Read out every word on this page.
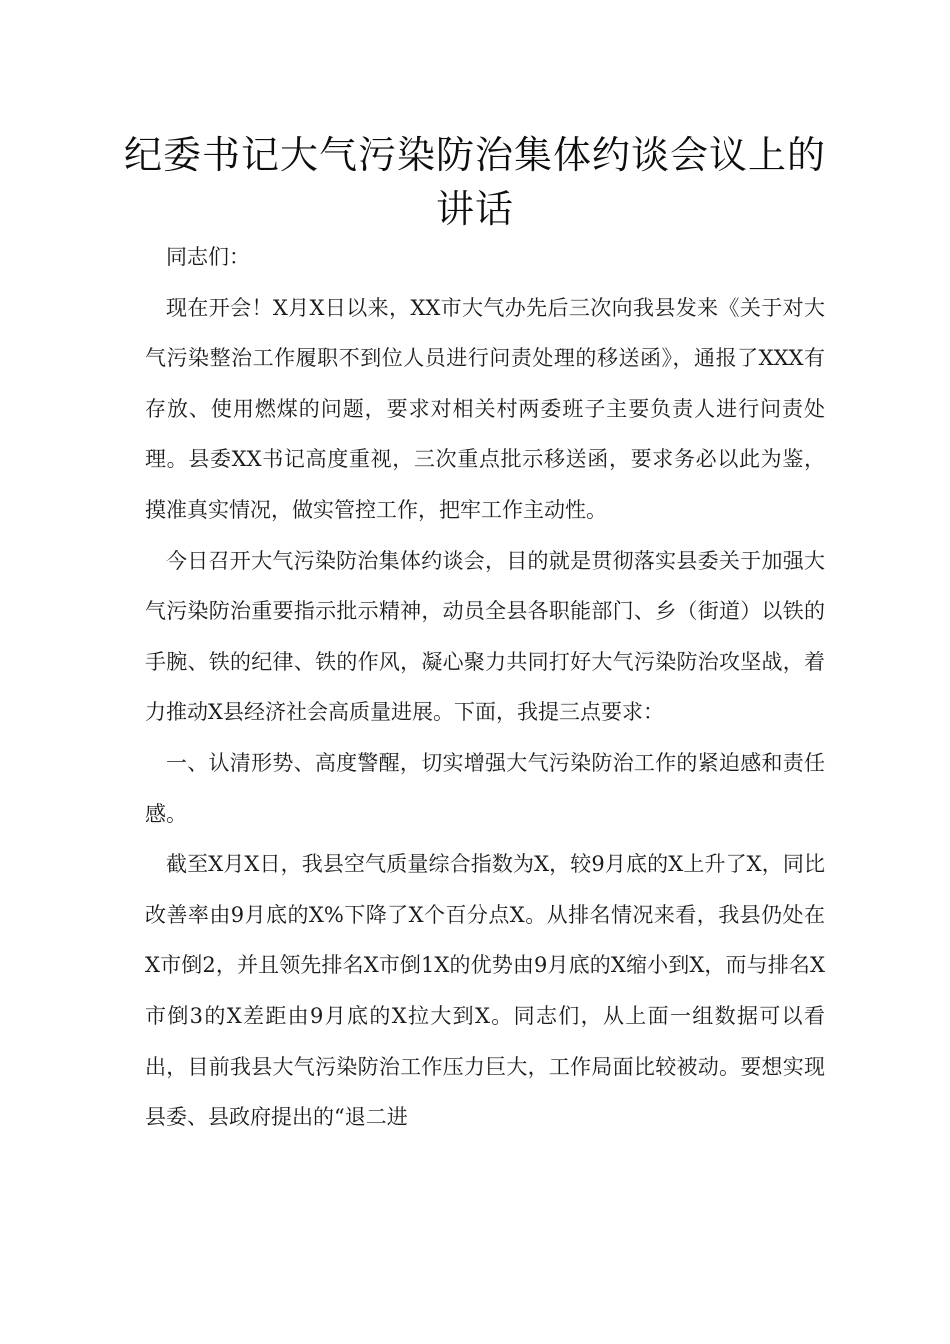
纪委书记大气污染防治集体约谈会议上的讲话

同志们：

现在开会！X月X日以来，XX市大气办先后三次向我县发来《关于对大气污染整治工作履职不到位人员进行问责处理的移送函》，通报了XXX有存放、使用燃煤的问题，要求对相关村两委班子主要负责人进行问责处理。县委XX书记高度重视，三次重点批示移送函，要求务必以此为鉴，摸准真实情况，做实管控工作，把牢工作主动性。

今日召开大气污染防治集体约谈会，目的就是贯彻落实县委关于加强大气污染防治重要指示批示精神，动员全县各职能部门、乡（街道）以铁的手腕、铁的纪律、铁的作风，凝心聚力共同打好大气污染防治攻坚战，着力推动X县经济社会高质量进展。下面，我提三点要求：

一、认清形势、高度警醒，切实增强大气污染防治工作的紧迫感和责任感。

截至X月X日，我县空气质量综合指数为X，较9月底的X上升了X，同比改善率由9月底的X%下降了X个百分点X。从排名情况来看，我县仍处在X市倒2，并且领先排名X市倒1X的优势由9月底的X缩小到X，而与排名X市倒3的X差距由9月底的X拉大到X。同志们，从上面一组数据可以看出，目前我县大气污染防治工作压力巨大，工作局面比较被动。要想实现县委、县政府提出的“退二进
